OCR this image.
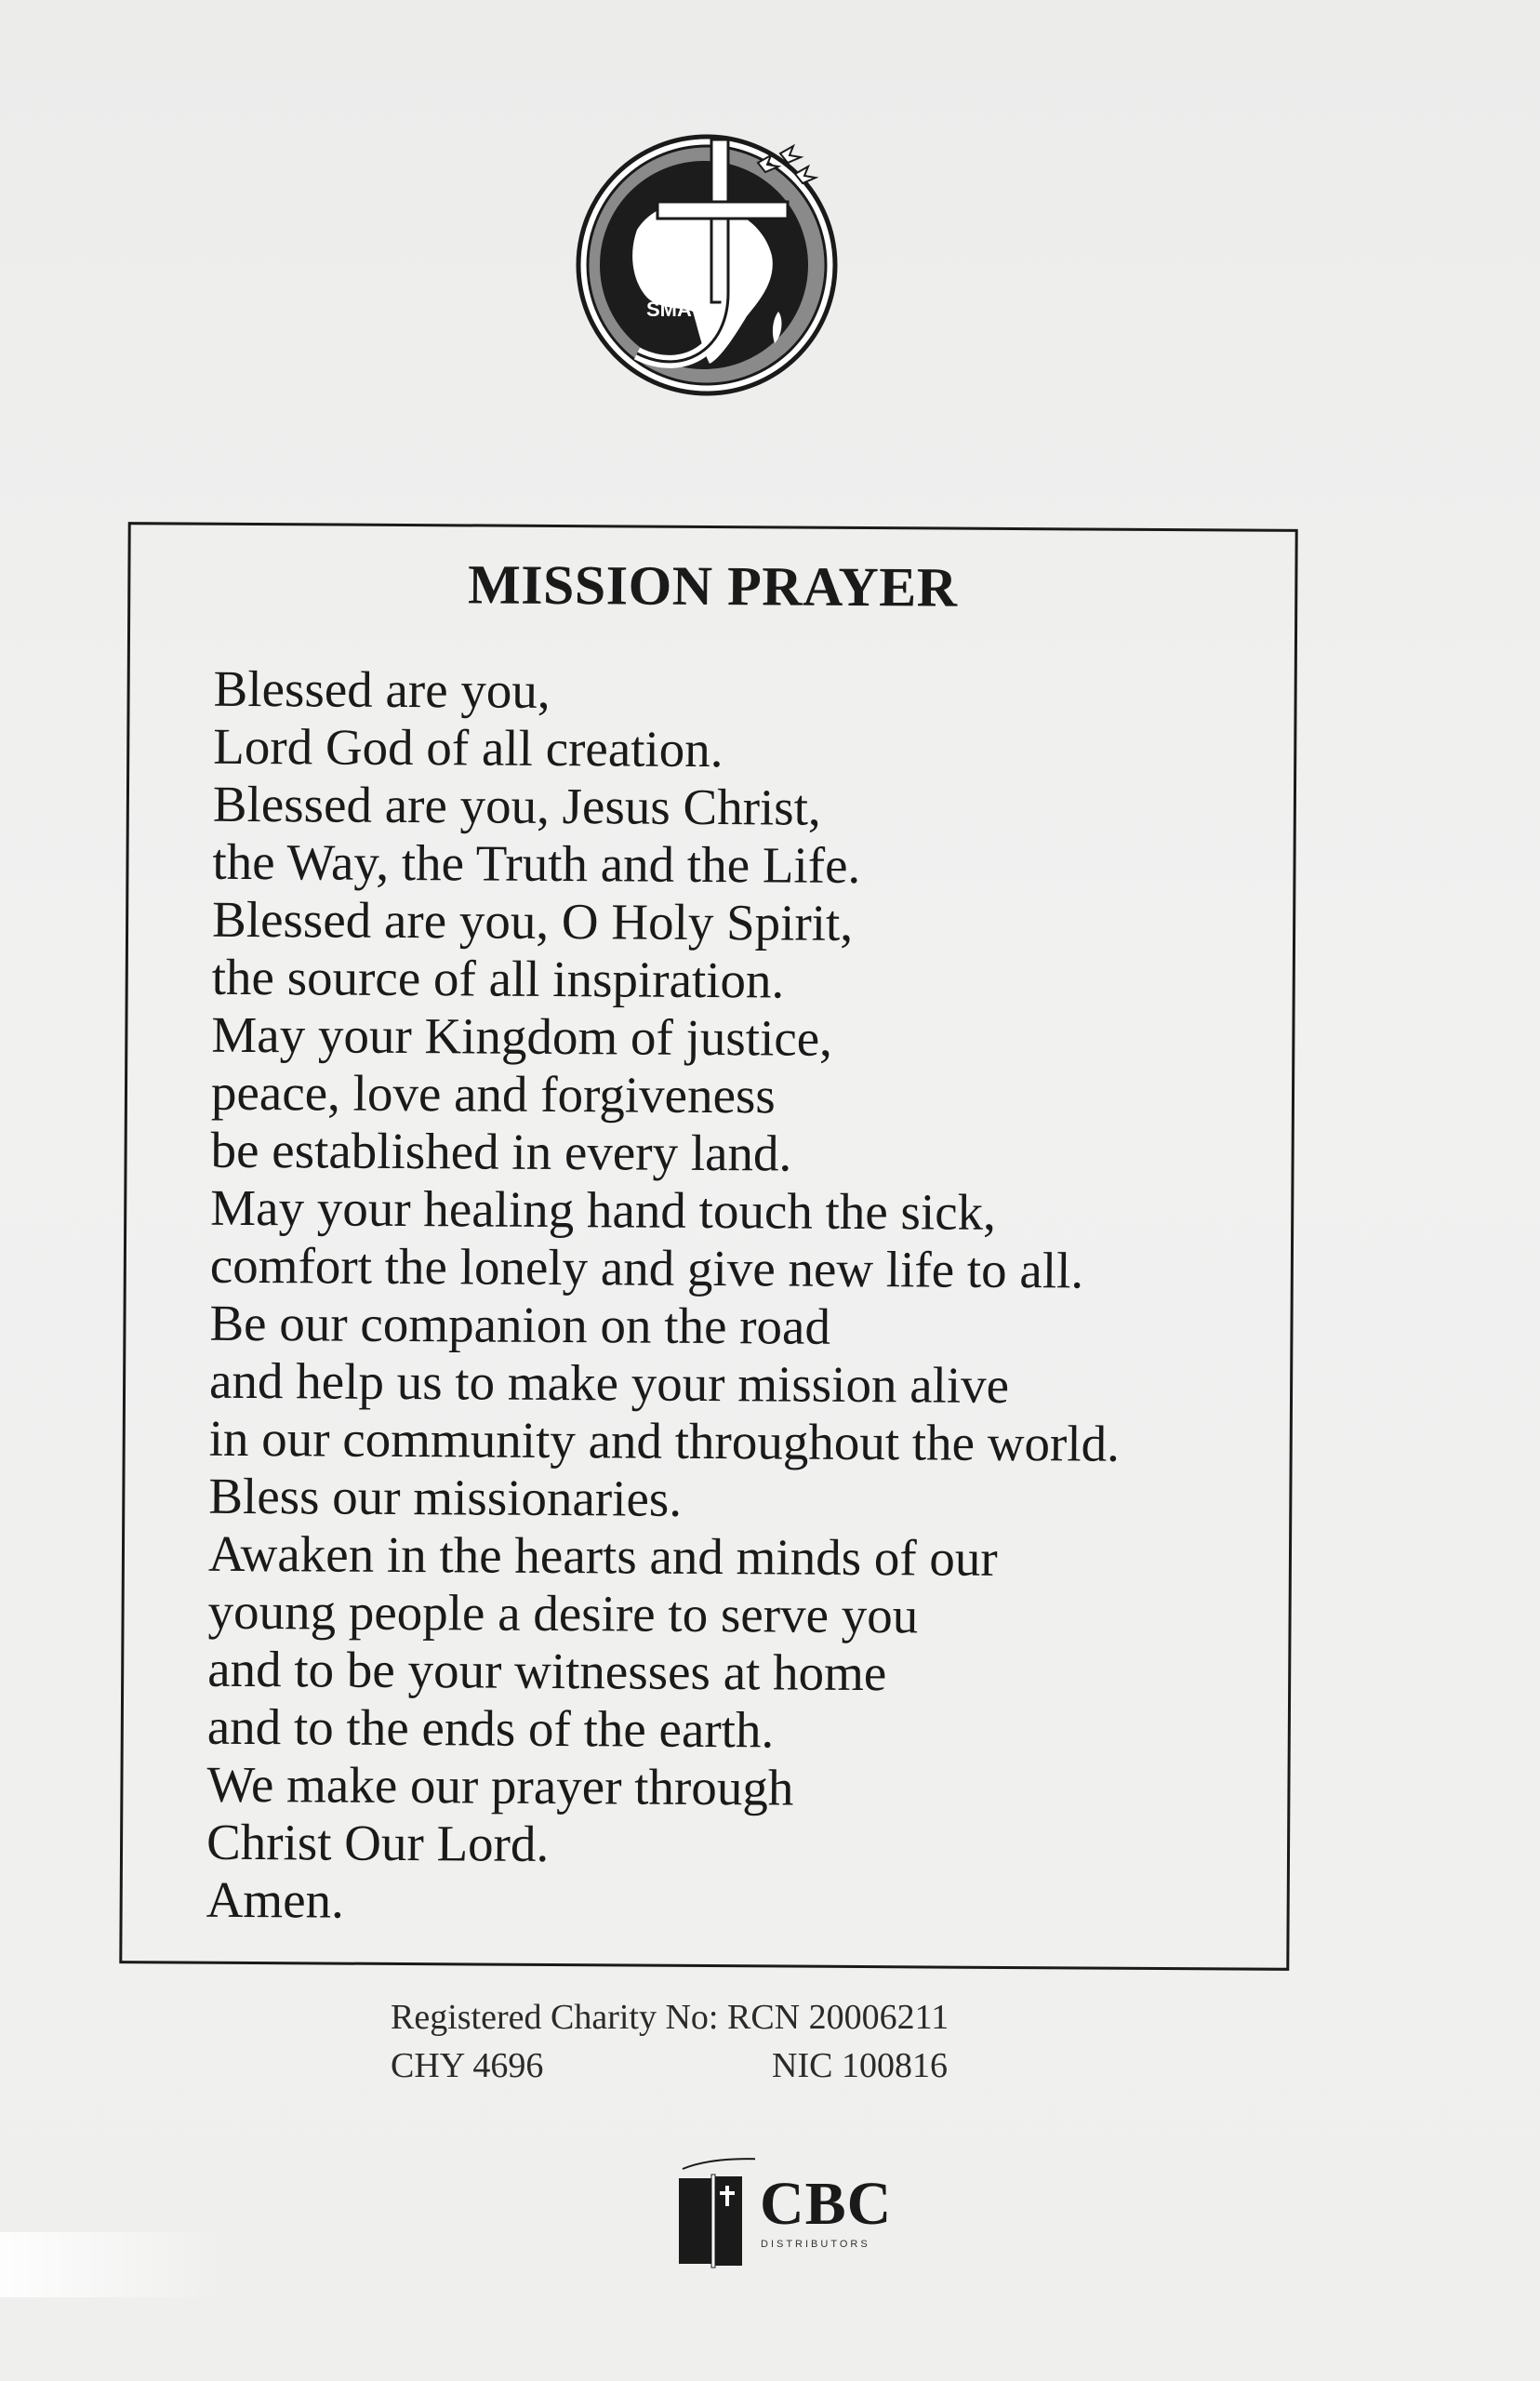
SMA
MISSION PRAYER
Blessed are you,
Lord God of all creation.
Blessed are you, Jesus Christ,
the Way, the Truth and the Life.
Blessed are you, O Holy Spirit,
the source of all inspiration.
May your Kingdom of justice,
peace, love and forgiveness
be established in every land.
May your healing hand touch the sick,
comfort the lonely and give new life to all.
Be our companion on the road
and help us to make your mission alive
in our community and throughout the world.
Bless our missionaries.
Awaken in the hearts and minds of our
young people a desire to serve you
and to be your witnesses at home
and to the ends of the earth.
We make our prayer through
Christ Our Lord.
Amen.
Registered Charity No: RCN 20006211
CHY 4696	NIC 100816
CBC
DISTRIBUTORS
